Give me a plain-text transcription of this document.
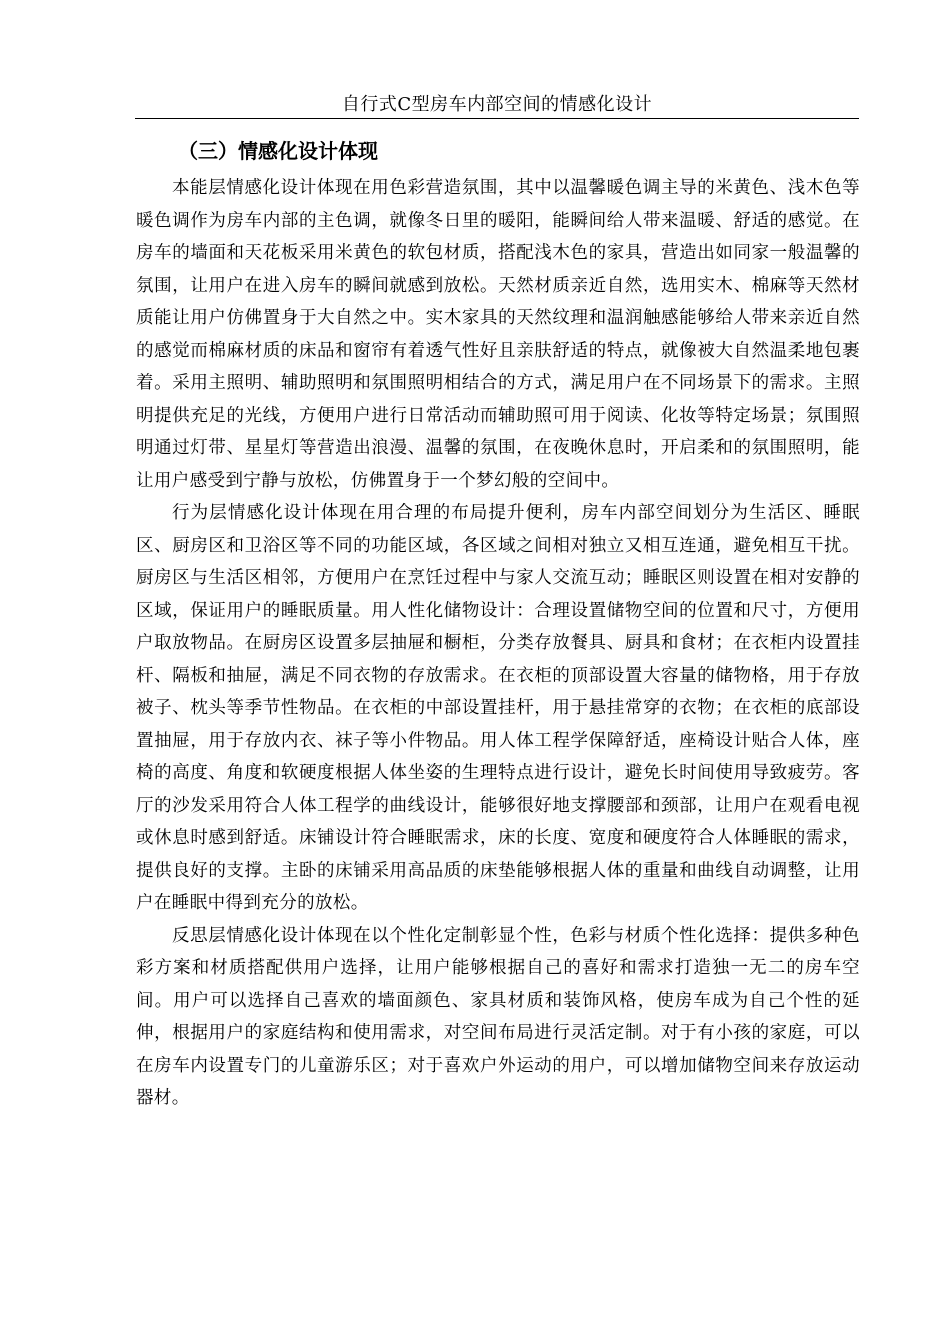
自行式C型房车内部空间的情感化设计
（三）情感化设计体现

本能层情感化设计体现在用色彩营造氛围，其中以温馨暖色调主导的米黄色、浅木色等暖色调作为房车内部的主色调，就像冬日里的暖阳，能瞬间给人带来温暖、舒适的感觉。在房车的墙面和天花板采用米黄色的软包材质，搭配浅木色的家具，营造出如同家一般温馨的氛围，让用户在进入房车的瞬间就感到放松。天然材质亲近自然，选用实木、棉麻等天然材质能让用户仿佛置身于大自然之中。实木家具的天然纹理和温润触感能够给人带来亲近自然的感觉而棉麻材质的床品和窗帘有着透气性好且亲肤舒适的特点，就像被大自然温柔地包裹着。采用主照明、辅助照明和氛围照明相结合的方式，满足用户在不同场景下的需求。主照明提供充足的光线，方便用户进行日常活动而辅助照可用于阅读、化妆等特定场景；氛围照明通过灯带、星星灯等营造出浪漫、温馨的氛围，在夜晚休息时，开启柔和的氛围照明，能让用户感受到宁静与放松，仿佛置身于一个梦幻般的空间中。

行为层情感化设计体现在用合理的布局提升便利，房车内部空间划分为生活区、睡眠区、厨房区和卫浴区等不同的功能区域，各区域之间相对独立又相互连通，避免相互干扰。厨房区与生活区相邻，方便用户在烹饪过程中与家人交流互动；睡眠区则设置在相对安静的区域，保证用户的睡眠质量。用人性化储物设计：合理设置储物空间的位置和尺寸，方便用户取放物品。在厨房区设置多层抽屉和橱柜，分类存放餐具、厨具和食材；在衣柜内设置挂杆、隔板和抽屉，满足不同衣物的存放需求。在衣柜的顶部设置大容量的储物格，用于存放被子、枕头等季节性物品。在衣柜的中部设置挂杆，用于悬挂常穿的衣物；在衣柜的底部设置抽屉，用于存放内衣、袜子等小件物品。用人体工程学保障舒适，座椅设计贴合人体，座椅的高度、角度和软硬度根据人体坐姿的生理特点进行设计，避免长时间使用导致疲劳。客厅的沙发采用符合人体工程学的曲线设计，能够很好地支撑腰部和颈部，让用户在观看电视或休息时感到舒适。床铺设计符合睡眠需求，床的长度、宽度和硬度符合人体睡眠的需求，提供良好的支撑。主卧的床铺采用高品质的床垫能够根据人体的重量和曲线自动调整，让用户在睡眠中得到充分的放松。

反思层情感化设计体现在以个性化定制彰显个性，色彩与材质个性化选择：提供多种色彩方案和材质搭配供用户选择，让用户能够根据自己的喜好和需求打造独一无二的房车空间。用户可以选择自己喜欢的墙面颜色、家具材质和装饰风格，使房车成为自己个性的延伸，根据用户的家庭结构和使用需求，对空间布局进行灵活定制。对于有小孩的家庭，可以在房车内设置专门的儿童游乐区；对于喜欢户外运动的用户，可以增加储物空间来存放运动器材。
